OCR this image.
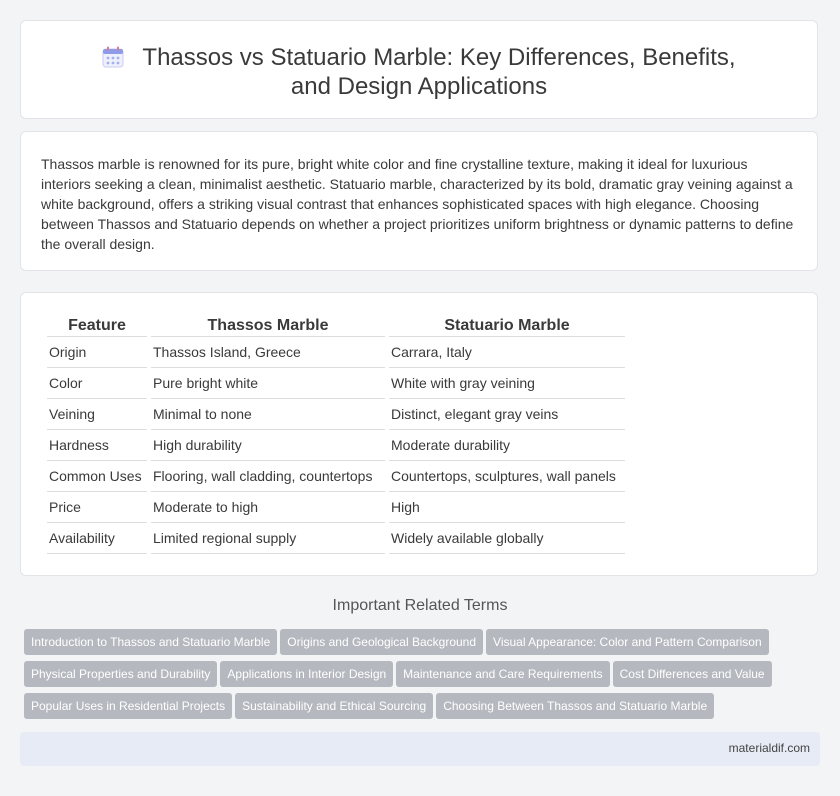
Thassos vs Statuario Marble: Key Differences, Benefits, and Design Applications
Thassos marble is renowned for its pure, bright white color and fine crystalline texture, making it ideal for luxurious interiors seeking a clean, minimalist aesthetic. Statuario marble, characterized by its bold, dramatic gray veining against a white background, offers a striking visual contrast that enhances sophisticated spaces with high elegance. Choosing between Thassos and Statuario depends on whether a project prioritizes uniform brightness or dynamic patterns to define the overall design.
Feature	Thassos Marble	Statuario Marble
Origin	Thassos Island, Greece	Carrara, Italy
Color	Pure bright white	White with gray veining
Veining	Minimal to none	Distinct, elegant gray veins
Hardness	High durability	Moderate durability
Common Uses	Flooring, wall cladding, countertops	Countertops, sculptures, wall panels
Price	Moderate to high	High
Availability	Limited regional supply	Widely available globally
Important Related Terms
Introduction to Thassos and Statuario Marble Origins and Geological Background Visual Appearance: Color and Pattern Comparison
Physical Properties and Durability Applications in Interior Design Maintenance and Care Requirements Cost Differences and Value
Popular Uses in Residential Projects Sustainability and Ethical Sourcing Choosing Between Thassos and Statuario Marble
materialdif.com
